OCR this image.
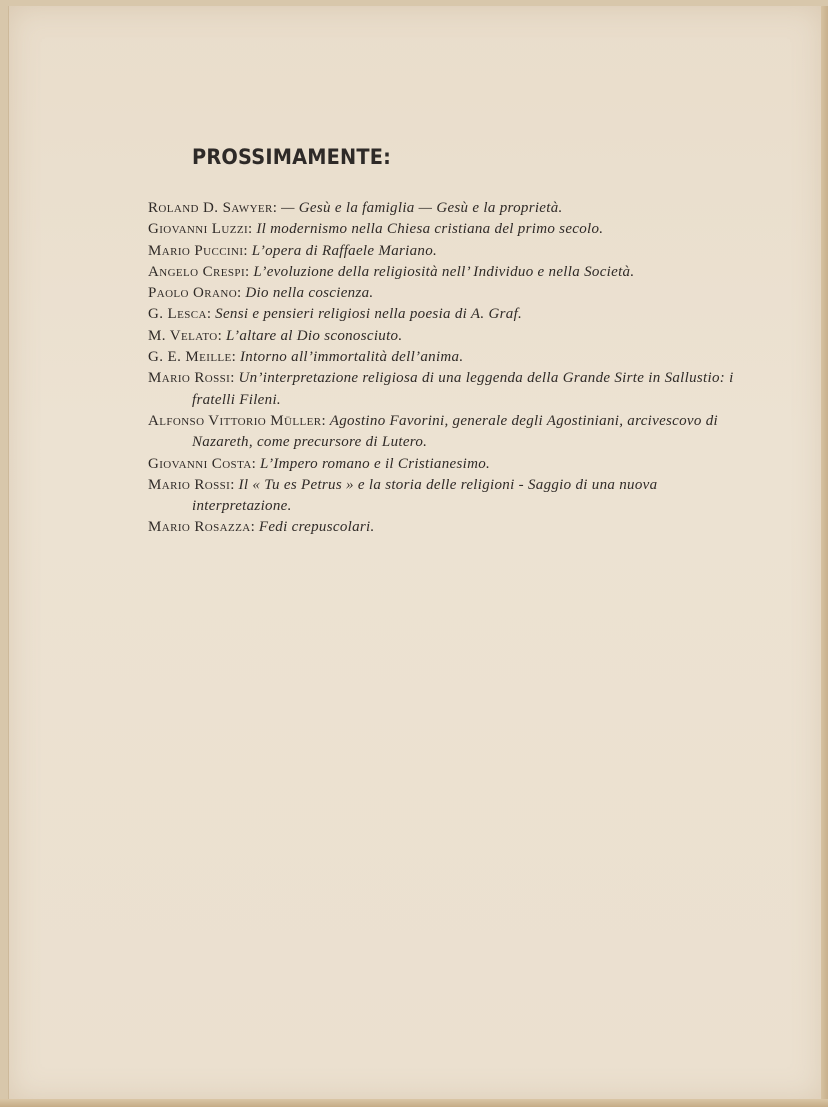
PROSSIMAMENTE:
Roland D. Sawyer: — Gesù e la famiglia — Gesù e la proprietà.
Giovanni Luzzi: Il modernismo nella Chiesa cristiana del primo secolo.
Mario Puccini: L’opera di Raffaele Mariano.
Angelo Crespi: L’evoluzione della religiosità nell’ Individuo e nella Società.
Paolo Orano: Dio nella coscienza.
G. Lesca: Sensi e pensieri religiosi nella poesia di A. Graf.
M. Velato: L’altare al Dio sconosciuto.
G. E. Meille: Intorno all’immortalità dell’anima.
Mario Rossi: Un’interpretazione religiosa di una leggenda della Grande Sirte in Sallustio: i fratelli Fileni.
Alfonso Vittorio Müller: Agostino Favorini, generale degli Agostiniani, arcivescovo di Nazareth, come precursore di Lutero.
Giovanni Costa: L’Impero romano e il Cristianesimo.
Mario Rossi: Il « Tu es Petrus » e la storia delle religioni - Saggio di una nuova interpretazione.
Mario Rosazza: Fedi crepuscolari.
